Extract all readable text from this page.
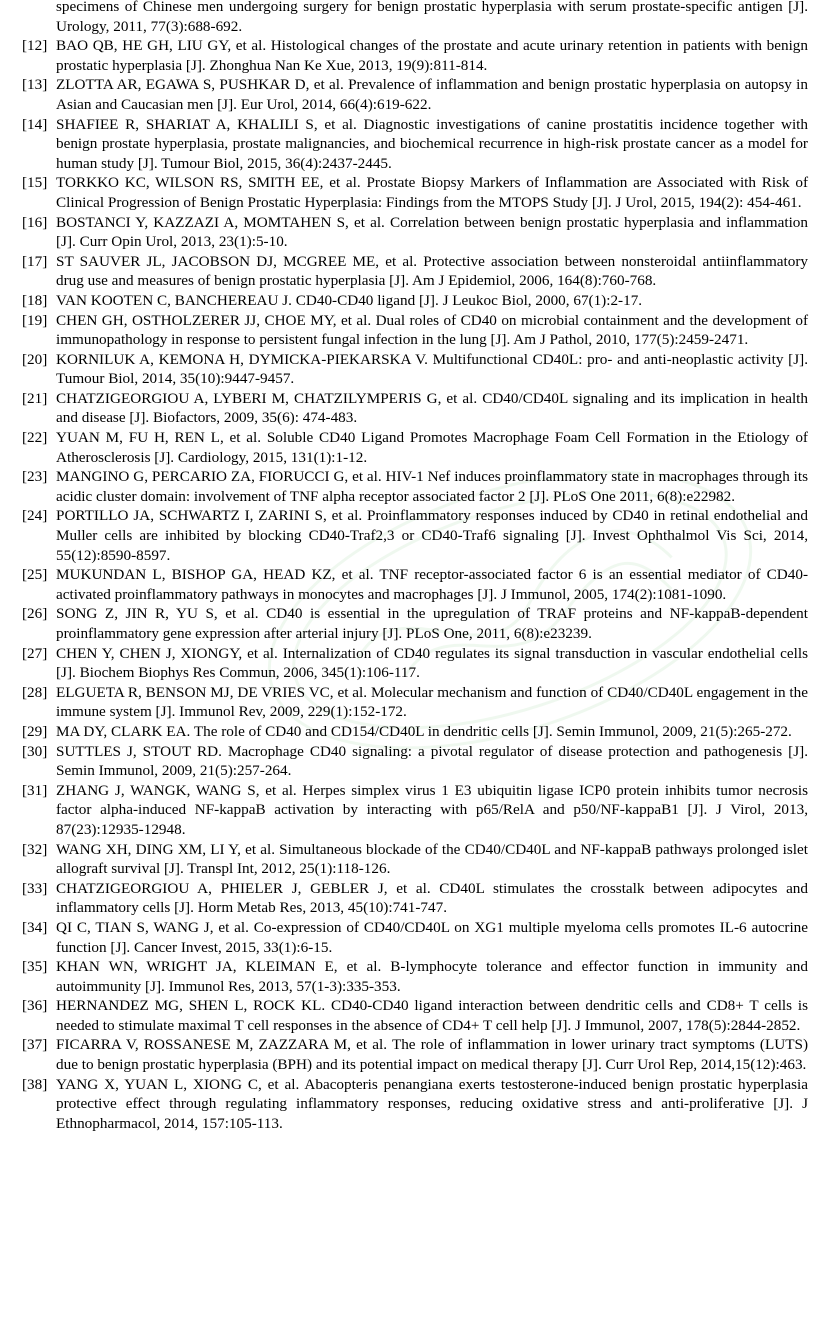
specimens of Chinese men undergoing surgery for benign prostatic hyperplasia with serum prostate-specific antigen [J]. Urology, 2011, 77(3):688-692.
[12] BAO QB, HE GH, LIU GY, et al. Histological changes of the prostate and acute urinary retention in patients with benign prostatic hyperplasia [J]. Zhonghua Nan Ke Xue, 2013, 19(9):811-814.
[13] ZLOTTA AR, EGAWA S, PUSHKAR D, et al. Prevalence of inflammation and benign prostatic hyperplasia on autopsy in Asian and Caucasian men [J]. Eur Urol, 2014, 66(4):619-622.
[14] SHAFIEE R, SHARIAT A, KHALILI S, et al. Diagnostic investigations of canine prostatitis incidence together with benign prostate hyperplasia, prostate malignancies, and biochemical recurrence in high-risk prostate cancer as a model for human study [J]. Tumour Biol, 2015, 36(4):2437-2445.
[15] TORKKO KC, WILSON RS, SMITH EE, et al. Prostate Biopsy Markers of Inflammation are Associated with Risk of Clinical Progression of Benign Prostatic Hyperplasia: Findings from the MTOPS Study [J]. J Urol, 2015, 194(2): 454-461.
[16] BOSTANCI Y, KAZZAZI A, MOMTAHEN S, et al. Correlation between benign prostatic hyperplasia and inflammation [J]. Curr Opin Urol, 2013, 23(1):5-10.
[17] ST SAUVER JL, JACOBSON DJ, MCGREE ME, et al. Protective association between nonsteroidal antiinflammatory drug use and measures of benign prostatic hyperplasia [J]. Am J Epidemiol, 2006, 164(8):760-768.
[18] VAN KOOTEN C, BANCHEREAU J. CD40-CD40 ligand [J]. J Leukoc Biol, 2000, 67(1):2-17.
[19] CHEN GH, OSTHOLZERER JJ, CHOE MY, et al. Dual roles of CD40 on microbial containment and the development of immunopathology in response to persistent fungal infection in the lung [J]. Am J Pathol, 2010, 177(5):2459-2471.
[20] KORNILUK A, KEMONA H, DYMICKA-PIEKARSKA V. Multifunctional CD40L: pro- and anti-neoplastic activity [J]. Tumour Biol, 2014, 35(10):9447-9457.
[21] CHATZIGEORGIOU A, LYBERI M, CHATZILYMPERIS G, et al. CD40/CD40L signaling and its implication in health and disease [J]. Biofactors, 2009, 35(6): 474-483.
[22] YUAN M, FU H, REN L, et al. Soluble CD40 Ligand Promotes Macrophage Foam Cell Formation in the Etiology of Atherosclerosis [J]. Cardiology, 2015, 131(1):1-12.
[23] MANGINO G, PERCARIO ZA, FIORUCCI G, et al. HIV-1 Nef induces proinflammatory state in macrophages through its acidic cluster domain: involvement of TNF alpha receptor associated factor 2 [J]. PLoS One 2011, 6(8):e22982.
[24] PORTILLO JA, SCHWARTZ I, ZARINI S, et al. Proinflammatory responses induced by CD40 in retinal endothelial and Muller cells are inhibited by blocking CD40-Traf2,3 or CD40-Traf6 signaling [J]. Invest Ophthalmol Vis Sci, 2014, 55(12):8590-8597.
[25] MUKUNDAN L, BISHOP GA, HEAD KZ, et al. TNF receptor-associated factor 6 is an essential mediator of CD40-activated proinflammatory pathways in monocytes and macrophages [J]. J Immunol, 2005, 174(2):1081-1090.
[26] SONG Z, JIN R, YU S, et al. CD40 is essential in the upregulation of TRAF proteins and NF-kappaB-dependent proinflammatory gene expression after arterial injury [J]. PLoS One, 2011, 6(8):e23239.
[27] CHEN Y, CHEN J, XIONGY, et al. Internalization of CD40 regulates its signal transduction in vascular endothelial cells [J]. Biochem Biophys Res Commun, 2006, 345(1):106-117.
[28] ELGUETA R, BENSON MJ, DE VRIES VC, et al. Molecular mechanism and function of CD40/CD40L engagement in the immune system [J]. Immunol Rev, 2009, 229(1):152-172.
[29] MA DY, CLARK EA. The role of CD40 and CD154/CD40L in dendritic cells [J]. Semin Immunol, 2009, 21(5):265-272.
[30] SUTTLES J, STOUT RD. Macrophage CD40 signaling: a pivotal regulator of disease protection and pathogenesis [J]. Semin Immunol, 2009, 21(5):257-264.
[31] ZHANG J, WANGK, WANG S, et al. Herpes simplex virus 1 E3 ubiquitin ligase ICP0 protein inhibits tumor necrosis factor alpha-induced NF-kappaB activation by interacting with p65/RelA and p50/NF-kappaB1 [J]. J Virol, 2013, 87(23):12935-12948.
[32] WANG XH, DING XM, LI Y, et al. Simultaneous blockade of the CD40/CD40L and NF-kappaB pathways prolonged islet allograft survival [J]. Transpl Int, 2012, 25(1):118-126.
[33] CHATZIGEORGIOU A, PHIELER J, GEBLER J, et al. CD40L stimulates the crosstalk between adipocytes and inflammatory cells [J]. Horm Metab Res, 2013, 45(10):741-747.
[34] QI C, TIAN S, WANG J, et al. Co-expression of CD40/CD40L on XG1 multiple myeloma cells promotes IL-6 autocrine function [J]. Cancer Invest, 2015, 33(1):6-15.
[35] KHAN WN, WRIGHT JA, KLEIMAN E, et al. B-lymphocyte tolerance and effector function in immunity and autoimmunity [J]. Immunol Res, 2013, 57(1-3):335-353.
[36] HERNANDEZ MG, SHEN L, ROCK KL. CD40-CD40 ligand interaction between dendritic cells and CD8+ T cells is needed to stimulate maximal T cell responses in the absence of CD4+ T cell help [J]. J Immunol, 2007, 178(5):2844-2852.
[37] FICARRA V, ROSSANESE M, ZAZZARA M, et al. The role of inflammation in lower urinary tract symptoms (LUTS) due to benign prostatic hyperplasia (BPH) and its potential impact on medical therapy [J]. Curr Urol Rep, 2014,15(12):463.
[38] YANG X, YUAN L, XIONG C, et al. Abacopteris penangiana exerts testosterone-induced benign prostatic hyperplasia protective effect through regulating inflammatory responses, reducing oxidative stress and anti-proliferative [J]. J Ethnopharmacol, 2014, 157:105-113.
